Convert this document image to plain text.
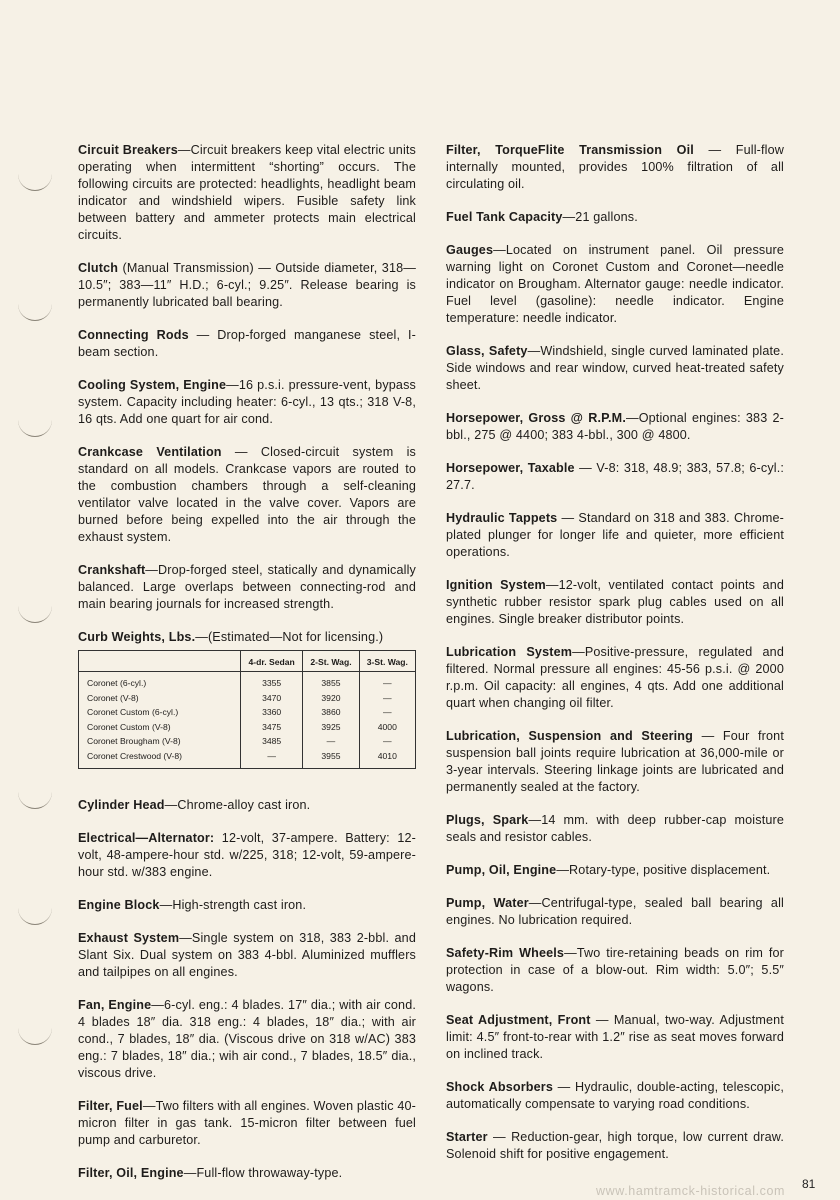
Circuit Breakers—Circuit breakers keep vital electric units operating when intermittent “shorting” occurs. The following circuits are protected: headlights, headlight beam indicator and windshield wipers. Fusible safety link between battery and ammeter protects main electrical circuits.
Clutch (Manual Transmission) — Outside diameter, 318—10.5″; 383—11″ H.D.; 6-cyl.; 9.25″. Release bearing is permanently lubricated ball bearing.
Connecting Rods — Drop-forged manganese steel, I-beam section.
Cooling System, Engine—16 p.s.i. pressure-vent, bypass system. Capacity including heater: 6-cyl., 13 qts.; 318 V-8, 16 qts. Add one quart for air cond.
Crankcase Ventilation — Closed-circuit system is standard on all models. Crankcase vapors are routed to the combustion chambers through a self-cleaning ventilator valve located in the valve cover. Vapors are burned before being expelled into the air through the exhaust system.
Crankshaft—Drop-forged steel, statically and dynamically balanced. Large overlaps between connecting-rod and main bearing journals for increased strength.
Curb Weights, Lbs.—(Estimated—Not for licensing.)
	4-dr. Sedan	2-St. Wag.	3-St. Wag.
Coronet (6-cyl.)	3355	3855	—
Coronet (V-8)	3470	3920	—
Coronet Custom (6-cyl.)	3360	3860	—
Coronet Custom (V-8)	3475	3925	4000
Coronet Brougham (V-8)	3485	—	—
Coronet Crestwood (V-8)	—	3955	4010
Cylinder Head—Chrome-alloy cast iron.
Electrical—Alternator: 12-volt, 37-ampere. Battery: 12-volt, 48-ampere-hour std. w/225, 318; 12-volt, 59-ampere-hour std. w/383 engine.
Engine Block—High-strength cast iron.
Exhaust System—Single system on 318, 383 2-bbl. and Slant Six. Dual system on 383 4-bbl. Aluminized mufflers and tailpipes on all engines.
Fan, Engine—6-cyl. eng.: 4 blades. 17″ dia.; with air cond. 4 blades 18″ dia. 318 eng.: 4 blades, 18″ dia.; with air cond., 7 blades, 18″ dia. (Viscous drive on 318 w/AC) 383 eng.: 7 blades, 18″ dia.; wih air cond., 7 blades, 18.5″ dia., viscous drive.
Filter, Fuel—Two filters with all engines. Woven plastic 40-micron filter in gas tank. 15-micron filter between fuel pump and carburetor.
Filter, Oil, Engine—Full-flow throwaway-type.
Filter, TorqueFlite Transmission Oil — Full-flow internally mounted, provides 100% filtration of all circulating oil.
Fuel Tank Capacity—21 gallons.
Gauges—Located on instrument panel. Oil pressure warning light on Coronet Custom and Coronet—needle indicator on Brougham. Alternator gauge: needle indicator. Fuel level (gasoline): needle indicator. Engine temperature: needle indicator.
Glass, Safety—Windshield, single curved laminated plate. Side windows and rear window, curved heat-treated safety sheet.
Horsepower, Gross @ R.P.M.—Optional engines: 383 2-bbl., 275 @ 4400; 383 4-bbl., 300 @ 4800.
Horsepower, Taxable — V-8: 318, 48.9; 383, 57.8; 6-cyl.: 27.7.
Hydraulic Tappets — Standard on 318 and 383. Chrome-plated plunger for longer life and quieter, more efficient operations.
Ignition System—12-volt, ventilated contact points and synthetic rubber resistor spark plug cables used on all engines. Single breaker distributor points.
Lubrication System—Positive-pressure, regulated and filtered. Normal pressure all engines: 45-56 p.s.i. @ 2000 r.p.m. Oil capacity: all engines, 4 qts. Add one additional quart when changing oil filter.
Lubrication, Suspension and Steering — Four front suspension ball joints require lubrication at 36,000-mile or 3-year intervals. Steering linkage joints are lubricated and permanently sealed at the factory.
Plugs, Spark—14 mm. with deep rubber-cap moisture seals and resistor cables.
Pump, Oil, Engine—Rotary-type, positive displacement.
Pump, Water—Centrifugal-type, sealed ball bearing all engines. No lubrication required.
Safety-Rim Wheels—Two tire-retaining beads on rim for protection in case of a blow-out. Rim width: 5.0″; 5.5″ wagons.
Seat Adjustment, Front — Manual, two-way. Adjustment limit: 4.5″ front-to-rear with 1.2″ rise as seat moves forward on inclined track.
Shock Absorbers — Hydraulic, double-acting, telescopic, automatically compensate to varying road conditions.
Starter — Reduction-gear, high torque, low current draw. Solenoid shift for positive engagement.
81
www.hamtramck-historical.com
